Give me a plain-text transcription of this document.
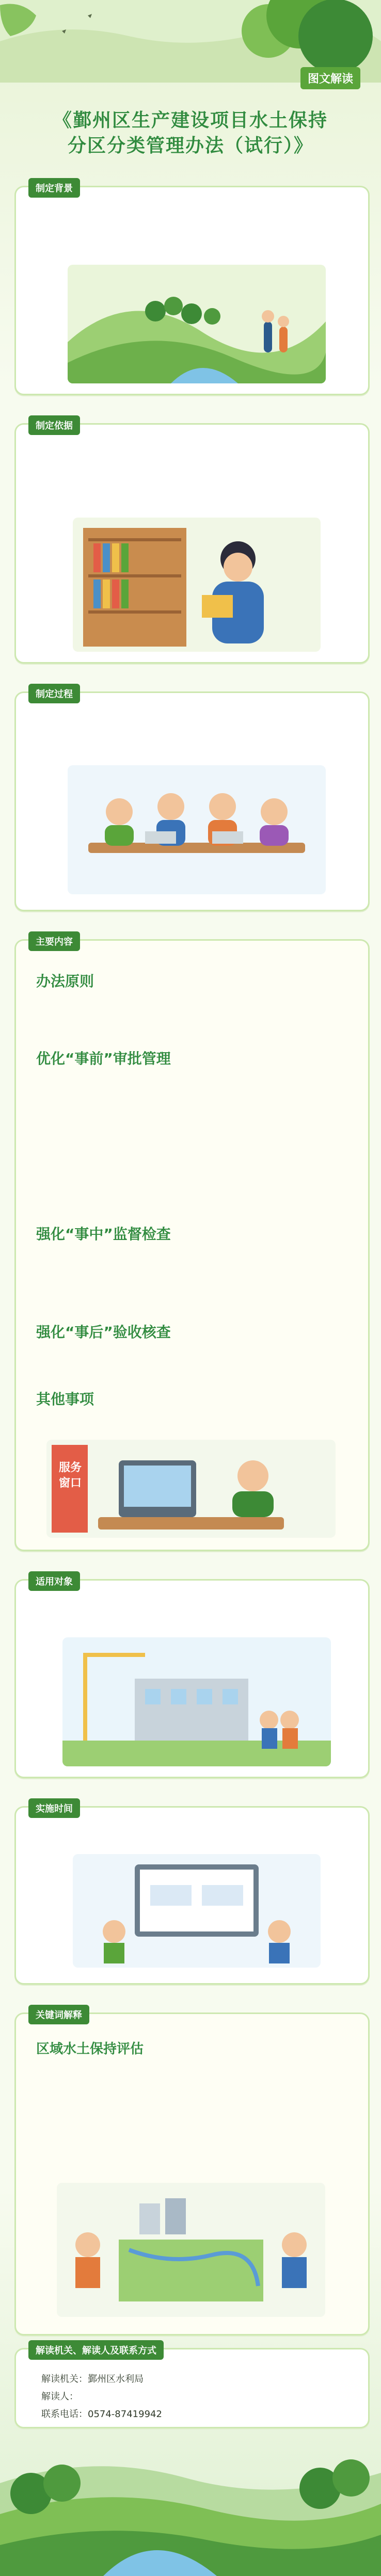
图文解读
《鄞州区生产建设项目水土保持
分区分类管理办法（试行）》
制定背景
制定依据
制定过程
主要内容
办法原则
优化“事前”审批管理
强化“事中”监督检查
强化“事后”验收核查
其他事项
服务窗口
适用对象
实施时间
关键词解释
区域水土保持评估
解读机关、解读人及联系方式
解读机关：鄞州区水利局
解读人：
联系电话：0574-87419942
